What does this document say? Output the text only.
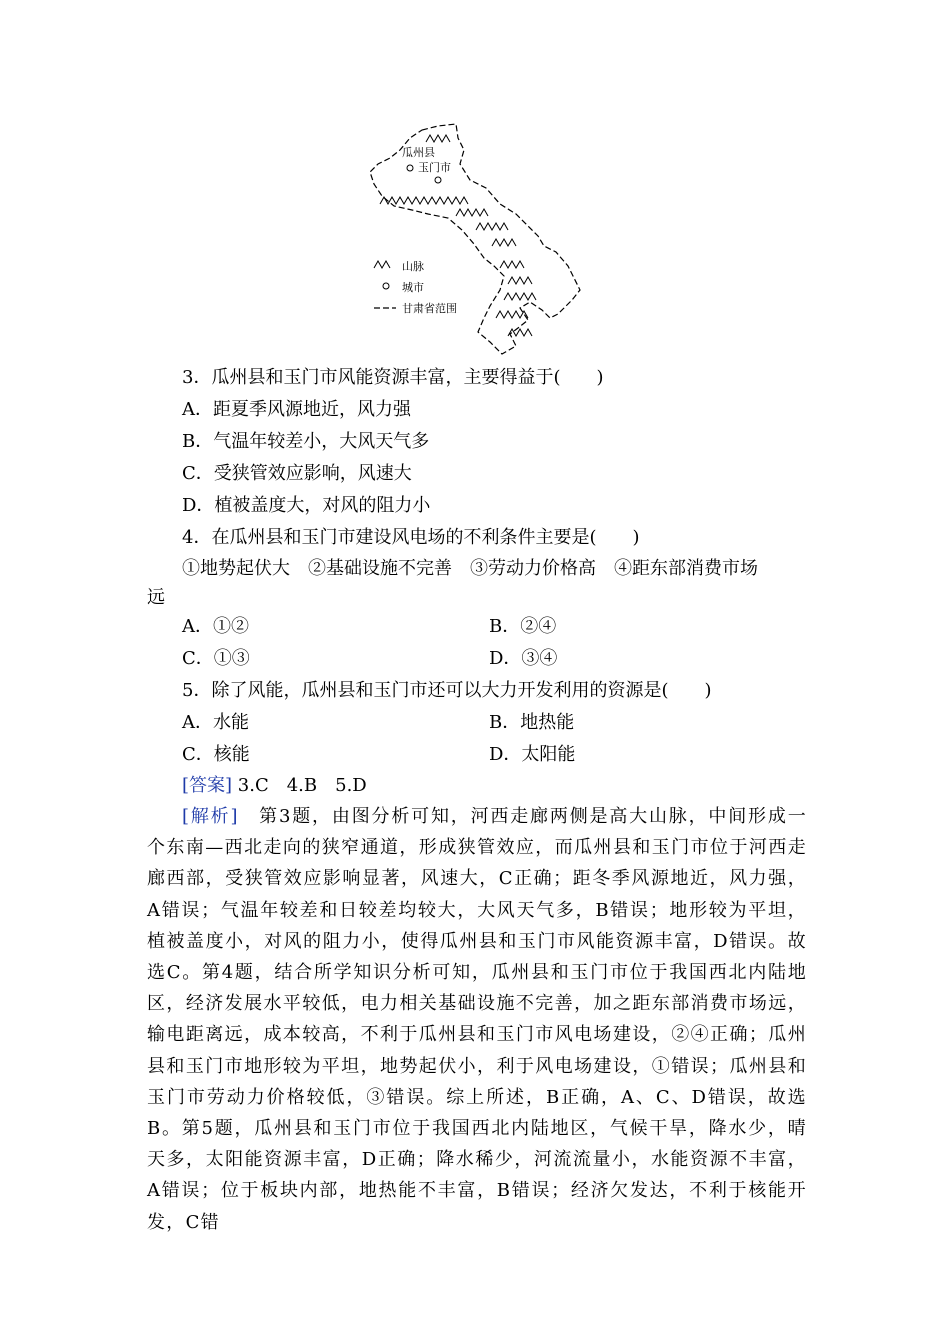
瓜州县
玉门市
山脉
城市
甘肃省范围
3．瓜州县和玉门市风能资源丰富，主要得益于(　　)
A．距夏季风源地近，风力强
B．气温年较差小，大风天气多
C．受狭管效应影响，风速大
D．植被盖度大，对风的阻力小
4．在瓜州县和玉门市建设风电场的不利条件主要是(　　)
①地势起伏大　②基础设施不完善　③劳动力价格高　④距东部消费市场
远
A．①②	B．②④
C．①③	D．③④
5．除了风能，瓜州县和玉门市还可以大力开发利用的资源是(　　)
A．水能	B．地热能
C．核能	D．太阳能
[答案] 3.C　4.B　5.D
[解析]　 第3题，由图分析可知，河西走廊两侧是高大山脉，中间形成一个东南—西北走向的狭窄通道，形成狭管效应，而瓜州县和玉门市位于河西走廊西部，受狭管效应影响显著，风速大，C正确；距冬季风源地近，风力强，A错误；气温年较差和日较差均较大，大风天气多，B错误；地形较为平坦，植被盖度小，对风的阻力小，使得瓜州县和玉门市风能资源丰富，D错误。故选C。第4题，结合所学知识分析可知，瓜州县和玉门市位于我国西北内陆地区，经济发展水平较低，电力相关基础设施不完善，加之距东部消费市场远，输电距离远，成本较高，不利于瓜州县和玉门市风电场建设，②④正确；瓜州县和玉门市地形较为平坦，地势起伏小，利于风电场建设，①错误；瓜州县和玉门市劳动力价格较低，③错误。综上所述，B正确，A、C、D错误，故选B。第5题，瓜州县和玉门市位于我国西北内陆地区，气候干旱，降水少，晴天多，太阳能资源丰富，D正确；降水稀少，河流流量小，水能资源不丰富，A错误；位于板块内部，地热能不丰富，B错误；经济欠发达，不利于核能开发，C错
